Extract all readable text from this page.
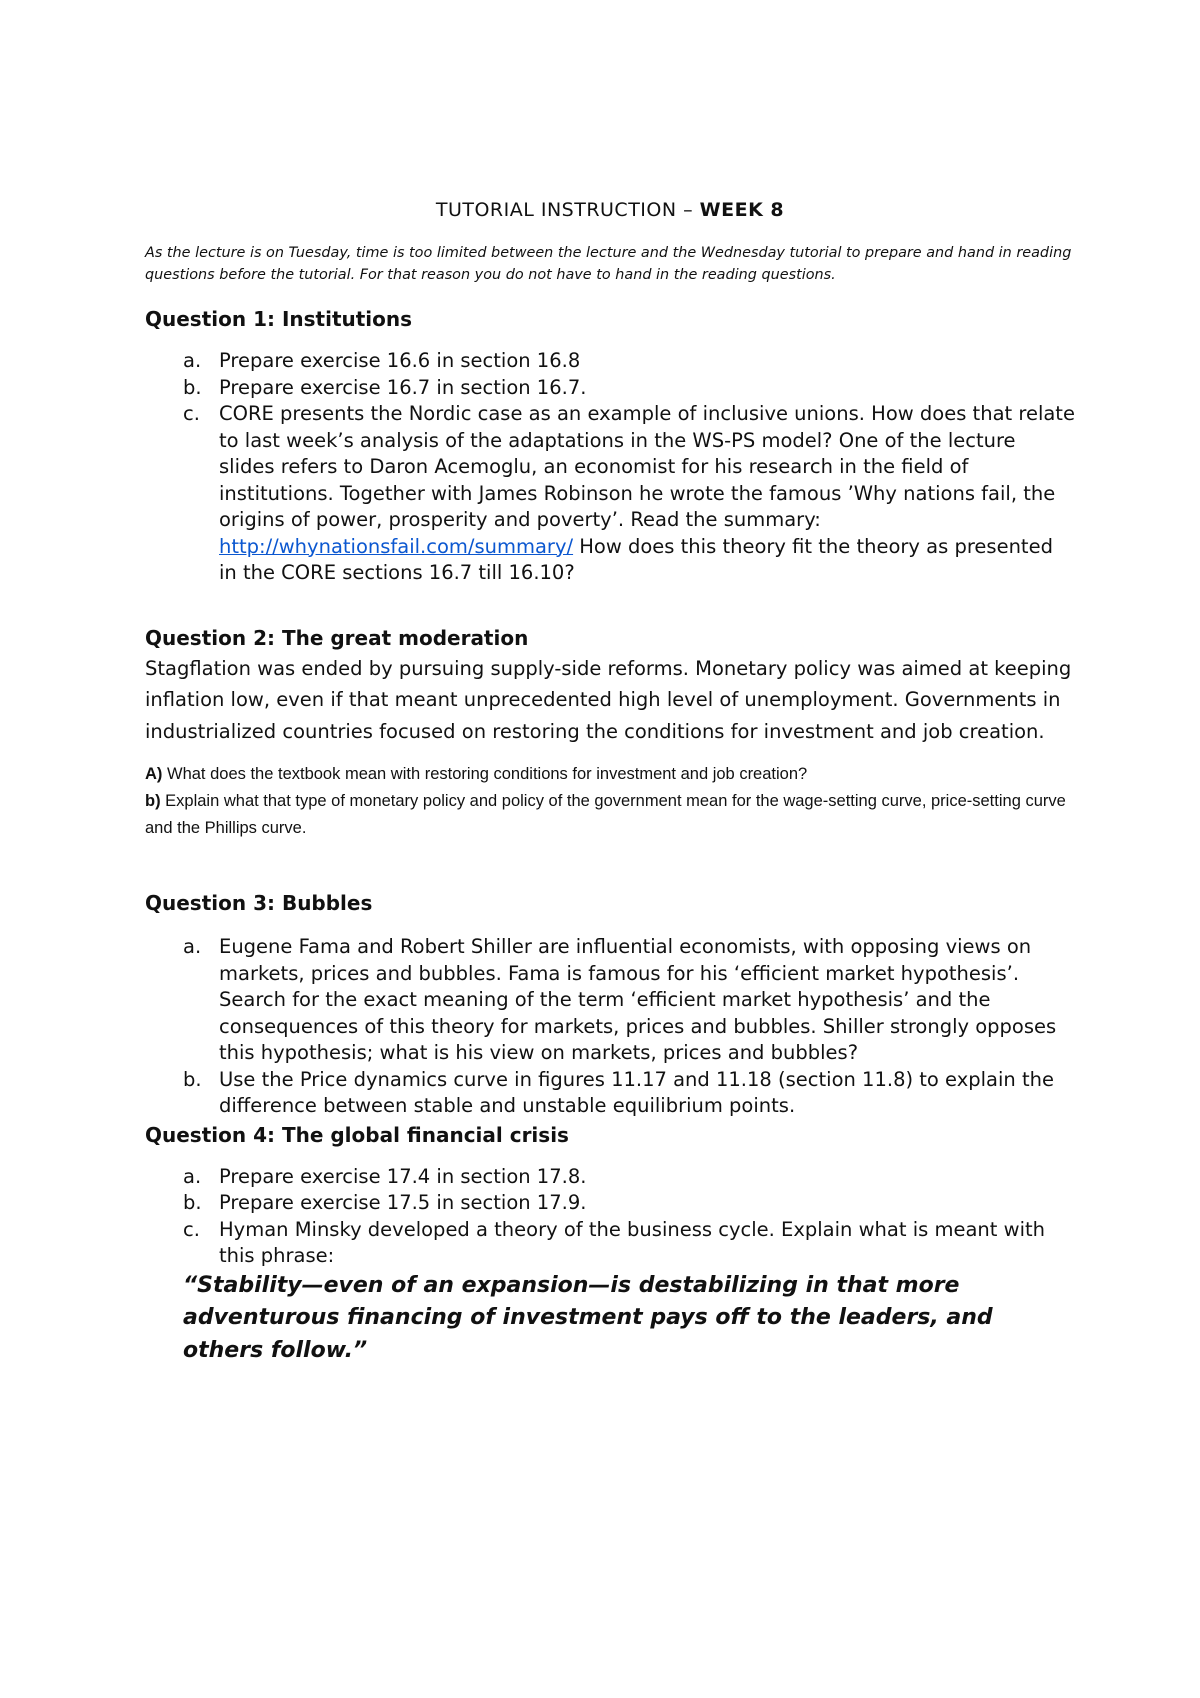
TUTORIAL INSTRUCTION – WEEK 8

As the lecture is on Tuesday, time is too limited between the lecture and the Wednesday tutorial to prepare and hand in reading questions before the tutorial. For that reason you do not have to hand in the reading questions.

Question 1: Institutions
a. Prepare exercise 16.6 in section 16.8
b. Prepare exercise 16.7 in section 16.7.
c. CORE presents the Nordic case as an example of inclusive unions. How does that relate to last week’s analysis of the adaptations in the WS-PS model? One of the lecture slides refers to Daron Acemoglu, an economist for his research in the field of institutions. Together with James Robinson he wrote the famous ’Why nations fail, the origins of power, prosperity and poverty’. Read the summary: http://whynationsfail.com/summary/ How does this theory fit the theory as presented in the CORE sections 16.7 till 16.10?
Question 2: The great moderation

Stagflation was ended by pursuing supply-side reforms. Monetary policy was aimed at keeping inflation low, even if that meant unprecedented high level of unemployment. Governments in industrialized countries focused on restoring the conditions for investment and job creation.

A) What does the textbook mean with restoring conditions for investment and job creation?
b) Explain what that type of monetary policy and policy of the government mean for the wage-setting curve, price-setting curve and the Phillips curve.

Question 3: Bubbles
a. Eugene Fama and Robert Shiller are influential economists, with opposing views on markets, prices and bubbles. Fama is famous for his ‘efficient market hypothesis’. Search for the exact meaning of the term ‘efficient market hypothesis’ and the consequences of this theory for markets, prices and bubbles. Shiller strongly opposes this hypothesis; what is his view on markets, prices and bubbles?
b. Use the Price dynamics curve in figures 11.17 and 11.18 (section 11.8) to explain the difference between stable and unstable equilibrium points.
Question 4: The global financial crisis
a. Prepare exercise 17.4 in section 17.8.
b. Prepare exercise 17.5 in section 17.9.
c. Hyman Minsky developed a theory of the business cycle. Explain what is meant with this phrase:

“Stability—even of an expansion—is destabilizing in that more adventurous financing of investment pays off to the leaders, and others follow.”
